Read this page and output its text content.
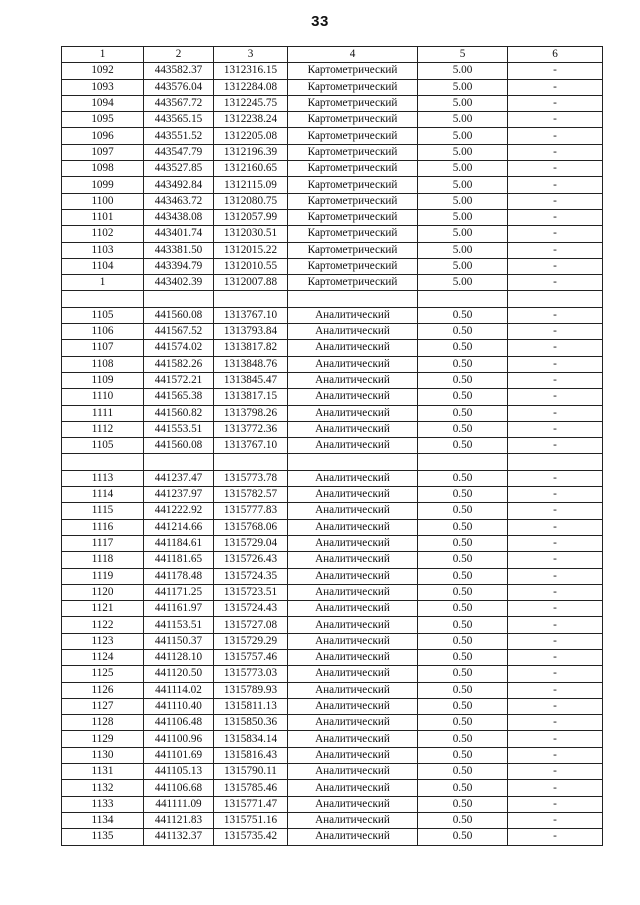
33
1	2	3	4	5	6
1092	443582.37	1312316.15	Картометрический	5.00	-
1093	443576.04	1312284.08	Картометрический	5.00	-
1094	443567.72	1312245.75	Картометрический	5.00	-
1095	443565.15	1312238.24	Картометрический	5.00	-
1096	443551.52	1312205.08	Картометрический	5.00	-
1097	443547.79	1312196.39	Картометрический	5.00	-
1098	443527.85	1312160.65	Картометрический	5.00	-
1099	443492.84	1312115.09	Картометрический	5.00	-
1100	443463.72	1312080.75	Картометрический	5.00	-
1101	443438.08	1312057.99	Картометрический	5.00	-
1102	443401.74	1312030.51	Картометрический	5.00	-
1103	443381.50	1312015.22	Картометрический	5.00	-
1104	443394.79	1312010.55	Картометрический	5.00	-
1	443402.39	1312007.88	Картометрический	5.00	-

1105	441560.08	1313767.10	Аналитический	0.50	-
1106	441567.52	1313793.84	Аналитический	0.50	-
1107	441574.02	1313817.82	Аналитический	0.50	-
1108	441582.26	1313848.76	Аналитический	0.50	-
1109	441572.21	1313845.47	Аналитический	0.50	-
1110	441565.38	1313817.15	Аналитический	0.50	-
1111	441560.82	1313798.26	Аналитический	0.50	-
1112	441553.51	1313772.36	Аналитический	0.50	-
1105	441560.08	1313767.10	Аналитический	0.50	-

1113	441237.47	1315773.78	Аналитический	0.50	-
1114	441237.97	1315782.57	Аналитический	0.50	-
1115	441222.92	1315777.83	Аналитический	0.50	-
1116	441214.66	1315768.06	Аналитический	0.50	-
1117	441184.61	1315729.04	Аналитический	0.50	-
1118	441181.65	1315726.43	Аналитический	0.50	-
1119	441178.48	1315724.35	Аналитический	0.50	-
1120	441171.25	1315723.51	Аналитический	0.50	-
1121	441161.97	1315724.43	Аналитический	0.50	-
1122	441153.51	1315727.08	Аналитический	0.50	-
1123	441150.37	1315729.29	Аналитический	0.50	-
1124	441128.10	1315757.46	Аналитический	0.50	-
1125	441120.50	1315773.03	Аналитический	0.50	-
1126	441114.02	1315789.93	Аналитический	0.50	-
1127	441110.40	1315811.13	Аналитический	0.50	-
1128	441106.48	1315850.36	Аналитический	0.50	-
1129	441100.96	1315834.14	Аналитический	0.50	-
1130	441101.69	1315816.43	Аналитический	0.50	-
1131	441105.13	1315790.11	Аналитический	0.50	-
1132	441106.68	1315785.46	Аналитический	0.50	-
1133	441111.09	1315771.47	Аналитический	0.50	-
1134	441121.83	1315751.16	Аналитический	0.50	-
1135	441132.37	1315735.42	Аналитический	0.50	-
